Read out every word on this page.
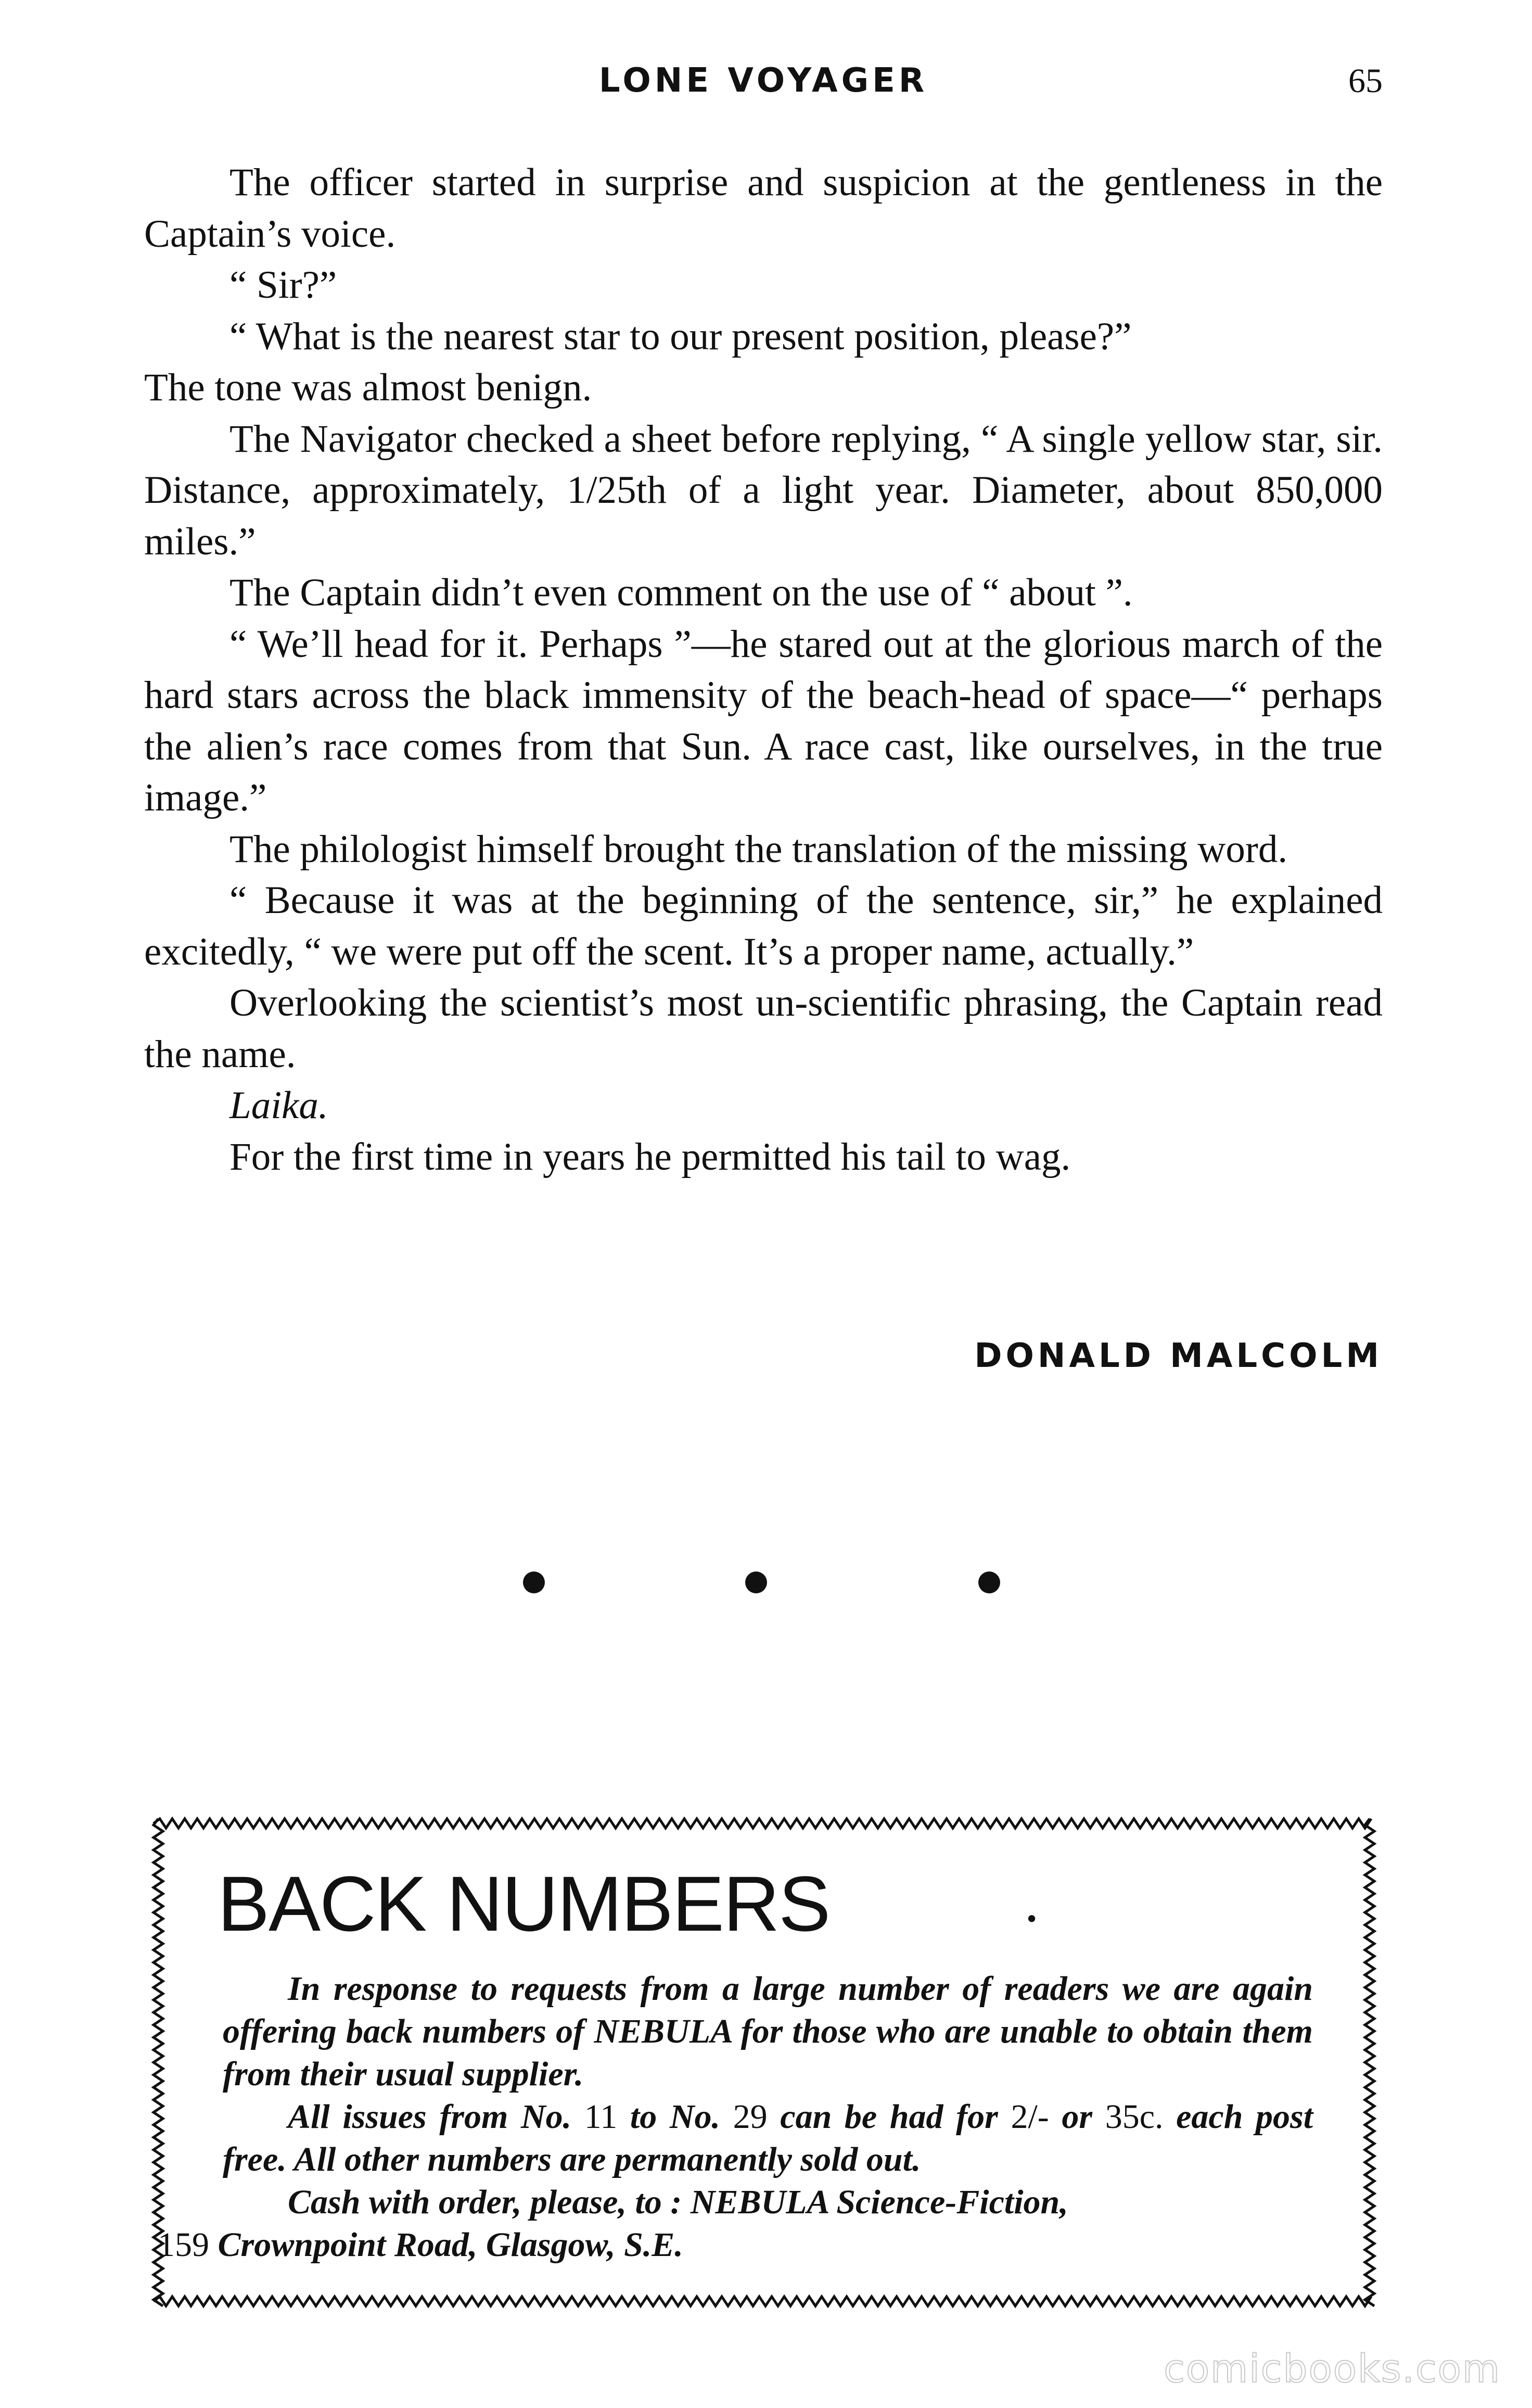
LONE VOYAGER	65

The officer started in surprise and suspicion at the gentleness in the Captain’s voice.

“ Sir?”

“ What is the nearest star to our present position, please?”

The tone was almost benign.

The Navigator checked a sheet before replying, “ A single yellow star, sir. Distance, approximately, 1/25th of a light year. Diameter, about 850,000 miles.”

The Captain didn’t even comment on the use of “ about ”.

“ We’ll head for it. Perhaps ”—he stared out at the glorious march of the hard stars across the black immensity of the beach-head of space—“ perhaps the alien’s race comes from that Sun. A race cast, like ourselves, in the true image.”

The philologist himself brought the translation of the missing word.

“ Because it was at the beginning of the sentence, sir,” he explained excitedly, “ we were put off the scent. It’s a proper name, actually.”

Overlooking the scientist’s most un-scientific phrasing, the Captain read the name.

Laika.

For the first time in years he permitted his tail to wag.

DONALD MALCOLM
BACK NUMBERS	•

In response to requests from a large number of readers we are again offering back numbers of NEBULA for those who are unable to obtain them from their usual supplier.

All issues from No. 11 to No. 29 can be had for 2/- or 35c. each post free. All other numbers are permanently sold out.

Cash with order, please, to : NEBULA Science-Fiction,
159 Crownpoint Road, Glasgow, S.E.

comicbooks.com
